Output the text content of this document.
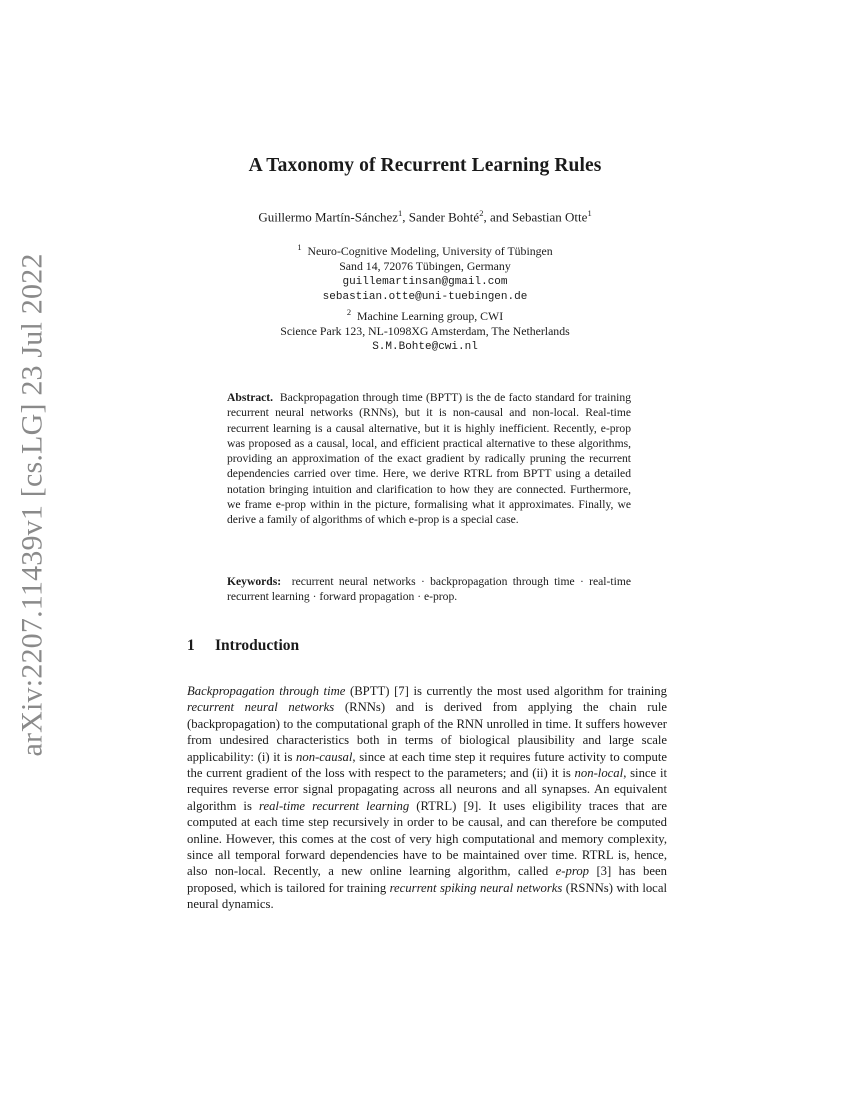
arXiv:2207.11439v1 [cs.LG] 23 Jul 2022
A Taxonomy of Recurrent Learning Rules
Guillermo Martín-Sánchez$^1$, Sander Bohté$^2$, and Sebastian Otte$^1$
$^1$ Neuro-Cognitive Modeling, University of Tübingen
Sand 14, 72076 Tübingen, Germany
guillemartinsan@gmail.com
sebastian.otte@uni-tuebingen.de
$^2$ Machine Learning group, CWI
Science Park 123, NL-1098XG Amsterdam, The Netherlands
S.M.Bohte@cwi.nl

Abstract. Backpropagation through time (BPTT) is the de facto standard for training recurrent neural networks (RNNs), but it is non-causal and non-local. Real-time recurrent learning is a causal alternative, but it is highly inefficient. Recently, e-prop was proposed as a causal, local, and efficient practical alternative to these algorithms, providing an approximation of the exact gradient by radically pruning the recurrent dependencies carried over time. Here, we derive RTRL from BPTT using a detailed notation bringing intuition and clarification to how they are connected. Furthermore, we frame e-prop within in the picture, formalising what it approximates. Finally, we derive a family of algorithms of which e-prop is a special case.

Keywords: recurrent neural networks · backpropagation through time · real-time recurrent learning · forward propagation · e-prop.

1 Introduction

Backpropagation through time (BPTT) [7] is currently the most used algorithm for training recurrent neural networks (RNNs) and is derived from applying the chain rule (backpropagation) to the computational graph of the RNN unrolled in time. It suffers however from undesired characteristics both in terms of biological plausibility and large scale applicability: (i) it is non-causal, since at each time step it requires future activity to compute the current gradient of the loss with respect to the parameters; and (ii) it is non-local, since it requires reverse error signal propagating across all neurons and all synapses. An equivalent algorithm is real-time recurrent learning (RTRL) [9]. It uses eligibility traces that are computed at each time step recursively in order to be causal, and can therefore be computed online. However, this comes at the cost of very high computational and memory complexity, since all temporal forward dependencies have to be maintained over time. RTRL is, hence, also non-local. Recently, a new online learning algorithm, called e-prop [3] has been proposed, which is tailored for training recurrent spiking neural networks (RSNNs) with local neural dynamics.
